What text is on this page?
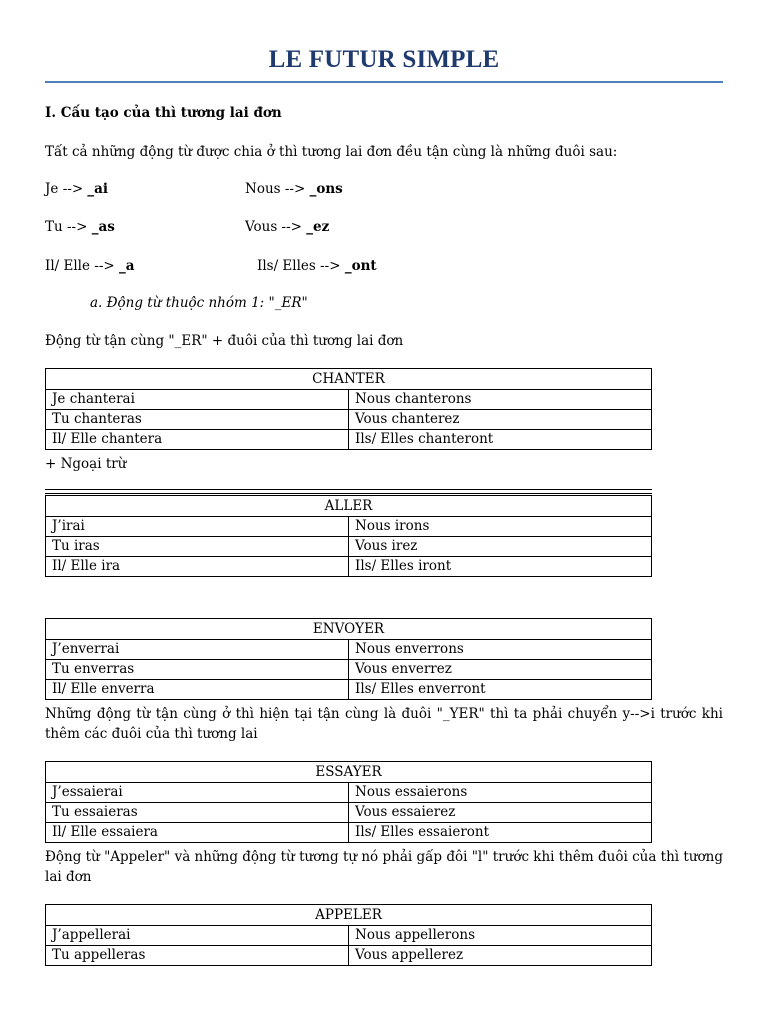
LE FUTUR SIMPLE
I. Cấu tạo của thì tương lai đơn
Tất cả những động từ được chia ở thì tương lai đơn đều tận cùng là những đuôi sau:
Je --> _ai	Nous --> _ons
Tu --> _as	Vous --> _ez
Il/ Elle --> _a	Ils/ Elles --> _ont
a. Động từ thuộc nhóm 1: "_ER"
Động từ tận cùng "_ER" + đuôi của thì tương lai đơn
CHANTER	
Je chanterai	Nous chanterons
Tu chanteras	Vous chanterez
Il/ Elle chantera	Ils/ Elles chanteront
+ Ngoại trừ
ALLER	
J’irai	Nous irons
Tu iras	Vous irez
Il/ Elle ira	Ils/ Elles iront
ENVOYER	
J’enverrai	Nous enverrons
Tu enverras	Vous enverrez
Il/ Elle enverra	Ils/ Elles enverront
Những động từ tận cùng ở thì hiện tại tận cùng là đuôi "_YER" thì ta phải chuyển y-->i trước khi thêm các đuôi của thì tương lai
ESSAYER	
J’essaierai	Nous essaierons
Tu essaieras	Vous essaierez
Il/ Elle essaiera	Ils/ Elles essaieront
Động từ "Appeler" và những động từ tương tự nó phải gấp đôi "l" trước khi thêm đuôi của thì tương lai đơn
APPELER	
J’appellerai	Nous appellerons
Tu appelleras	Vous appellerez
